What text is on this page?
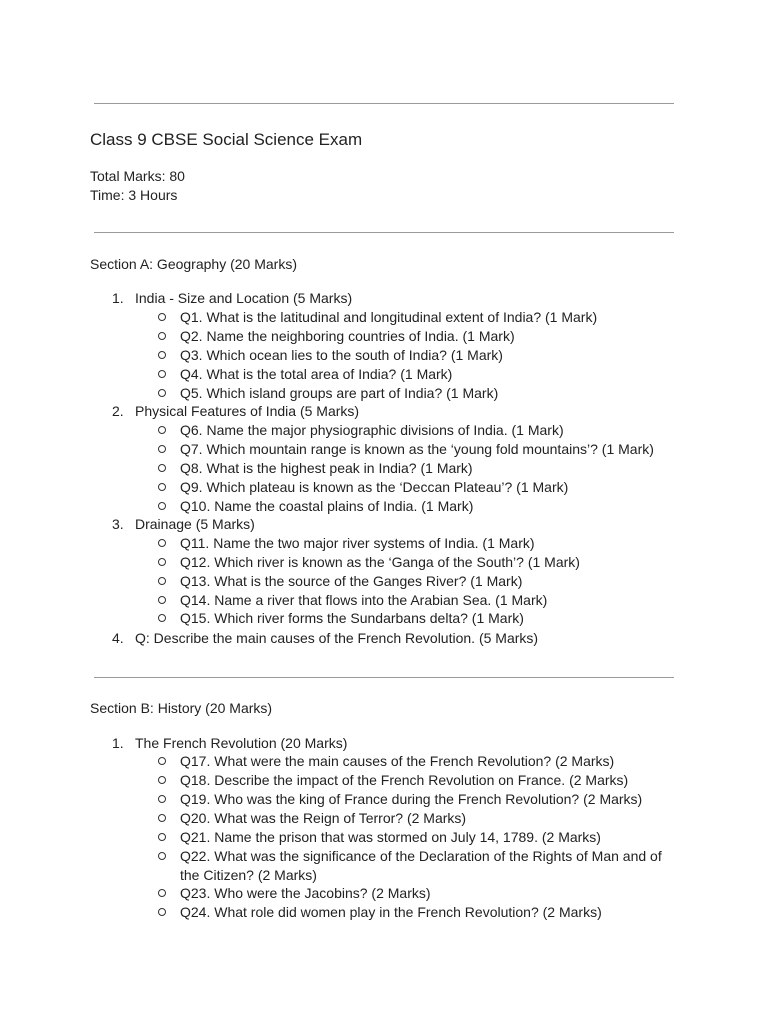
Class 9 CBSE Social Science Exam
Total Marks: 80
Time: 3 Hours
Section A: Geography (20 Marks)
1. India - Size and Location (5 Marks)
Q1. What is the latitudinal and longitudinal extent of India? (1 Mark)
Q2. Name the neighboring countries of India. (1 Mark)
Q3. Which ocean lies to the south of India? (1 Mark)
Q4. What is the total area of India? (1 Mark)
Q5. Which island groups are part of India? (1 Mark)
2. Physical Features of India (5 Marks)
Q6. Name the major physiographic divisions of India. (1 Mark)
Q7. Which mountain range is known as the ‘young fold mountains’? (1 Mark)
Q8. What is the highest peak in India? (1 Mark)
Q9. Which plateau is known as the ‘Deccan Plateau’? (1 Mark)
Q10. Name the coastal plains of India. (1 Mark)
3. Drainage (5 Marks)
Q11. Name the two major river systems of India. (1 Mark)
Q12. Which river is known as the ‘Ganga of the South’? (1 Mark)
Q13. What is the source of the Ganges River? (1 Mark)
Q14. Name a river that flows into the Arabian Sea. (1 Mark)
Q15. Which river forms the Sundarbans delta? (1 Mark)
4. Q: Describe the main causes of the French Revolution. (5 Marks)
Section B: History (20 Marks)
1. The French Revolution (20 Marks)
Q17. What were the main causes of the French Revolution? (2 Marks)
Q18. Describe the impact of the French Revolution on France. (2 Marks)
Q19. Who was the king of France during the French Revolution? (2 Marks)
Q20. What was the Reign of Terror? (2 Marks)
Q21. Name the prison that was stormed on July 14, 1789. (2 Marks)
Q22. What was the significance of the Declaration of the Rights of Man and of the Citizen? (2 Marks)
Q23. Who were the Jacobins? (2 Marks)
Q24. What role did women play in the French Revolution? (2 Marks)
